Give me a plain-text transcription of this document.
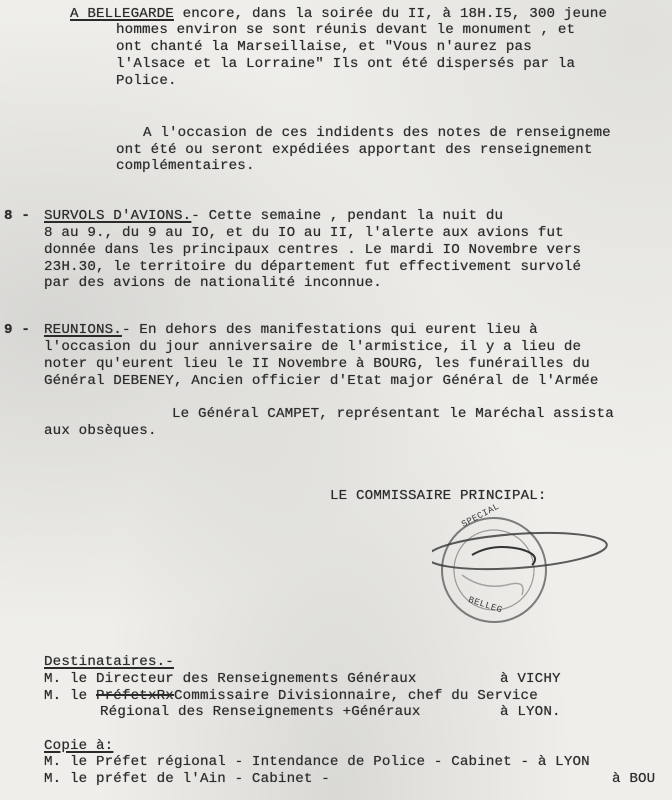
A BELLEGARDE encore, dans la soirée du II, à 18H.I5, 300 jeune
hommes environ se sont réunis devant le monument , et
ont chanté la Marseillaise, et "Vous n'aurez pas
l'Alsace et la Lorraine" Ils ont été dispersés par la
Police.
A l'occasion de ces indidents des notes de renseigneme
ont été ou seront expédiées apportant des renseignement
complémentaires.
8 - SURVOLS D'AVIONS.- Cette semaine , pendant la nuit du
8 au 9., du 9 au IO, et du IO au II, l'alerte aux avions fut
donnée dans les principaux centres . Le mardi IO Novembre vers
23H.30, le territoire du département fut effectivement survolé
par des avions de nationalité inconnue.
9 - REUNIONS.- En dehors des manifestations qui eurent lieu à
l'occasion du jour anniversaire de l'armistice, il y a lieu de
noter qu'eurent lieu le II Novembre à BOURG, les funérailles du
Général DEBENEY, Ancien officier d'Etat major Général de l'Armée
Le Général CAMPET, représentant le Maréchal assista
aux obsèques.
LE COMMISSAIRE PRINCIPAL:
SPECIAL
BELLEG
Destinataires.-
M. le Directeur des Renseignements Généraux	à VICHY
M. le PréfetxRxCommissaire Divisionnaire, chef du Service
Régional des Renseignements +Généraux	à LYON.
Copie à:
M. le Préfet régional - Intendance de Police - Cabinet - à LYON
M. le préfet de l'Ain - Cabinet -	à BOU
